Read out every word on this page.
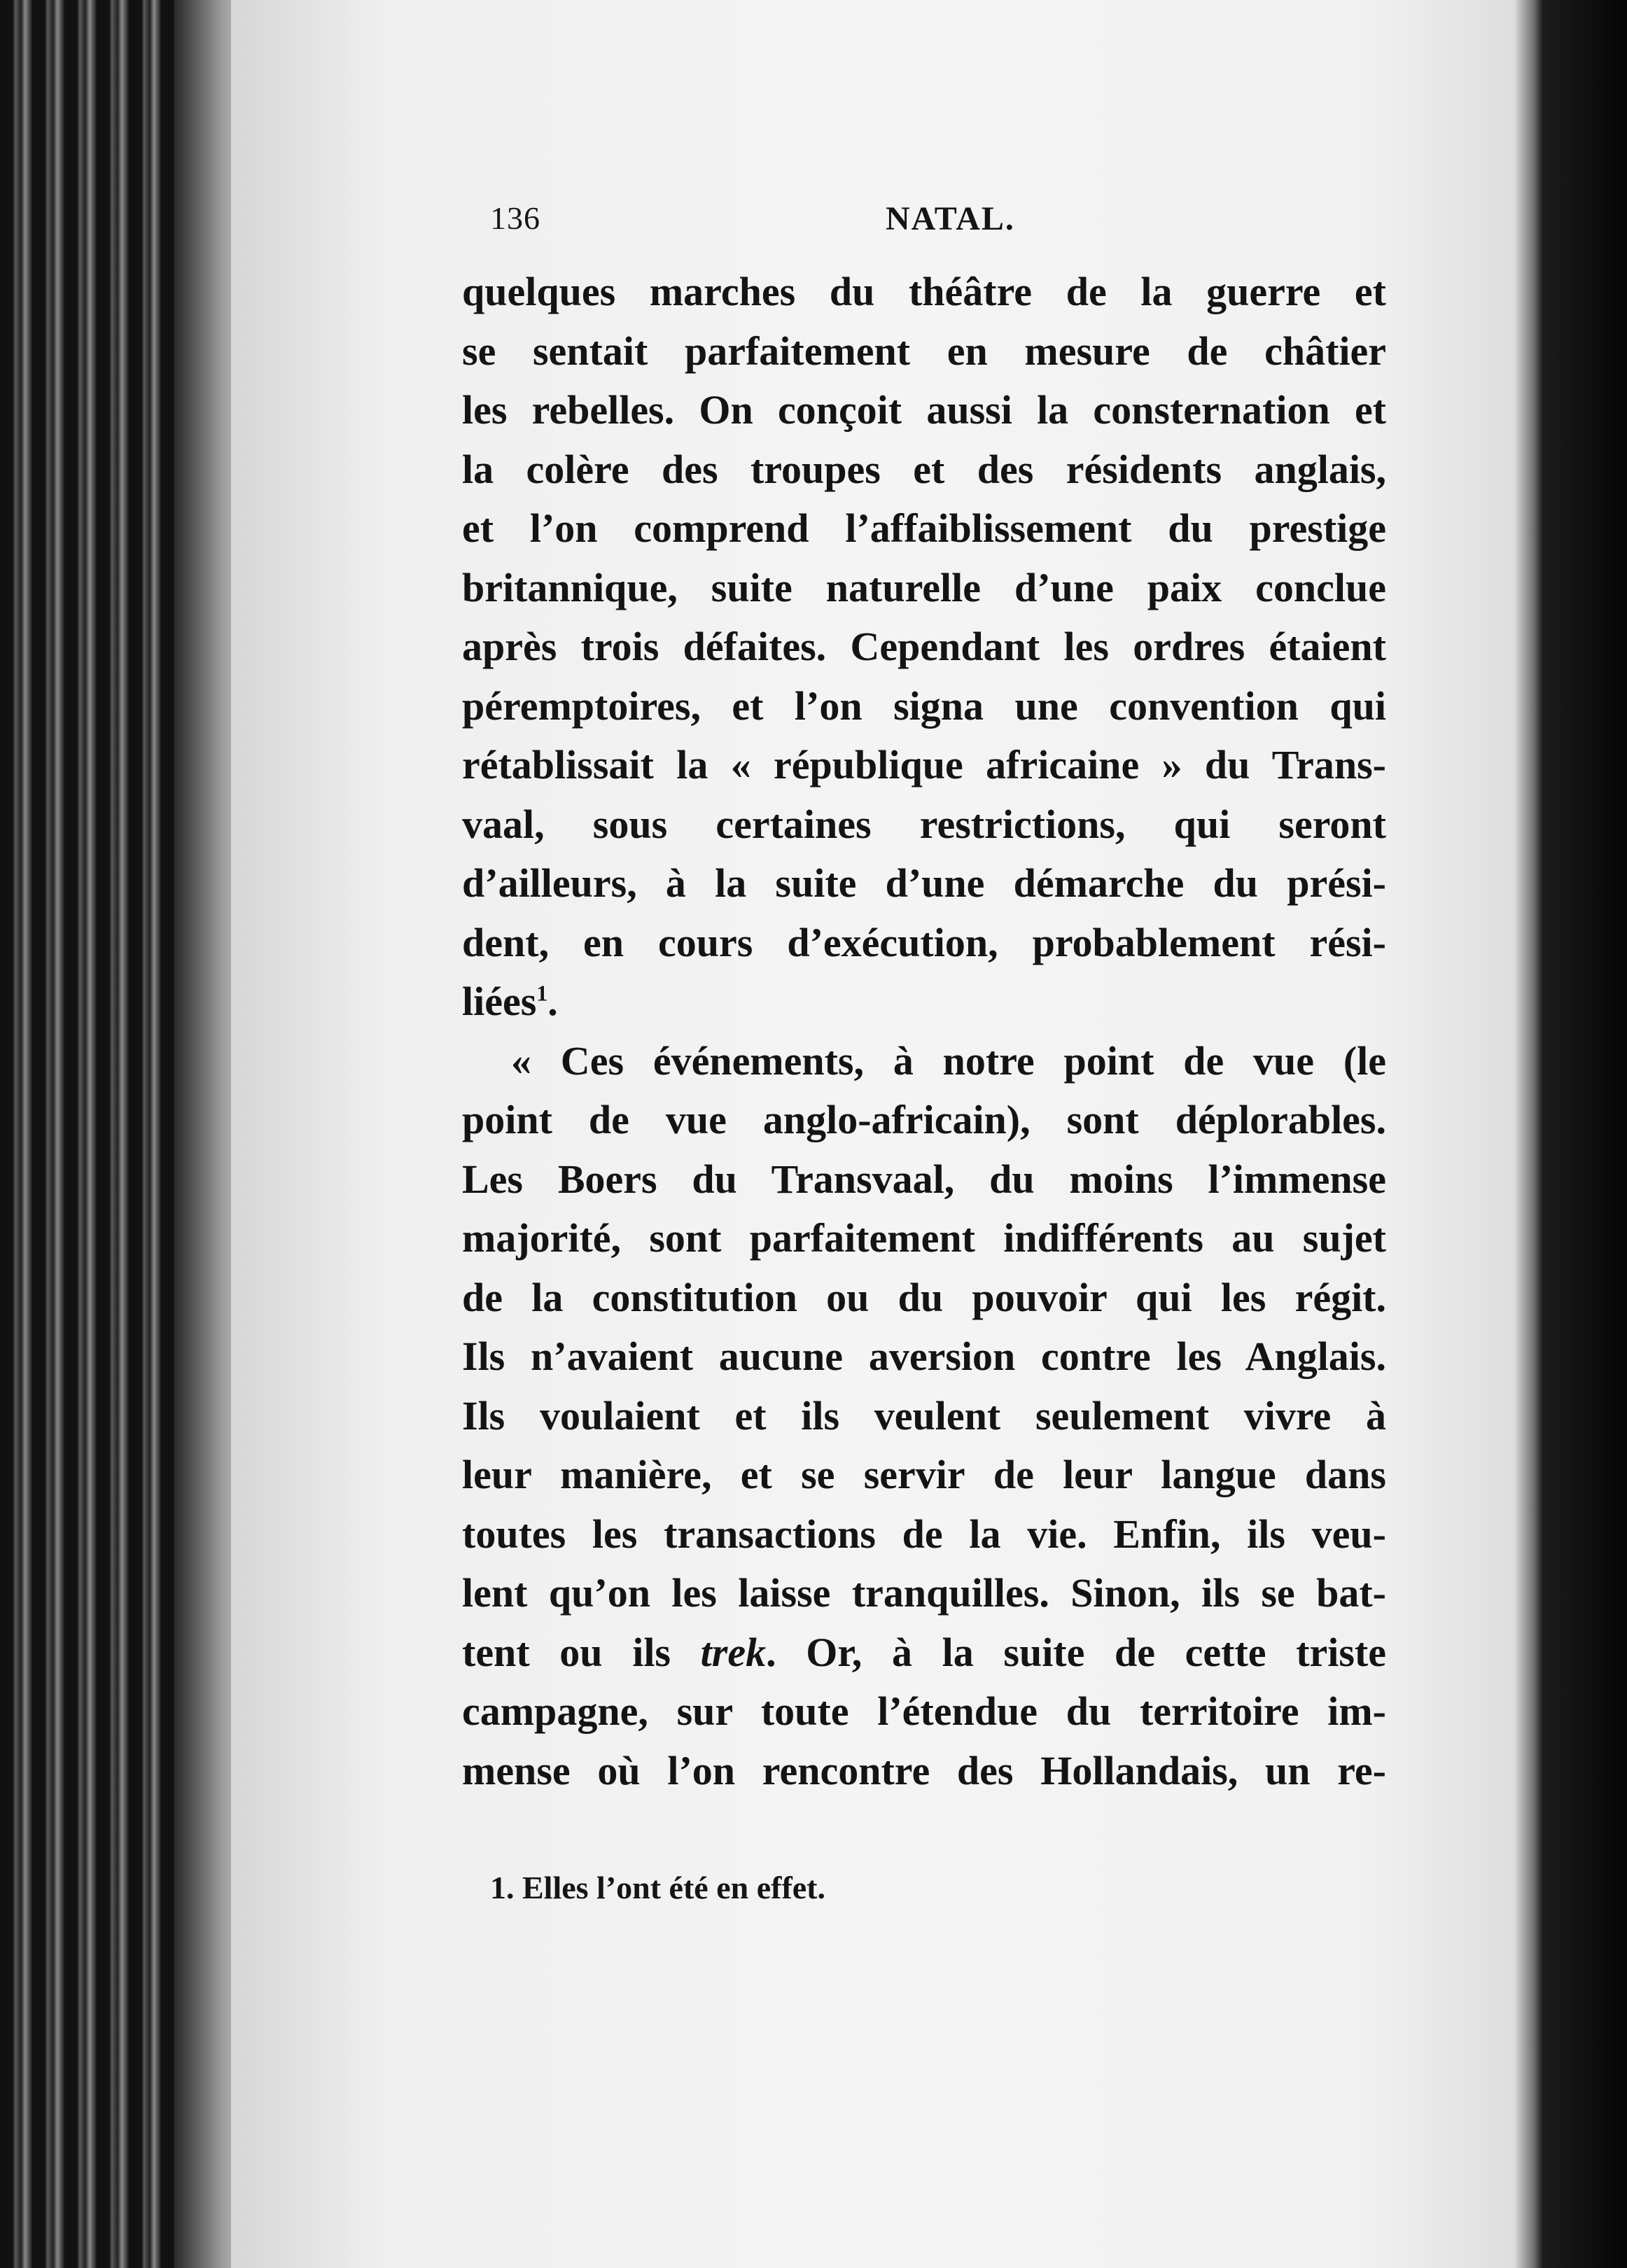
136	NATAL.
quelques marches du théâtre de la guerre et
se sentait parfaitement en mesure de châtier
les rebelles. On conçoit aussi la consternation et
la colère des troupes et des résidents anglais,
et l’on comprend l’affaiblissement du prestige
britannique, suite naturelle d’une paix conclue
après trois défaites. Cependant les ordres étaient
péremptoires, et l’on signa une convention qui
rétablissait la « république africaine » du Trans-
vaal, sous certaines restrictions, qui seront
d’ailleurs, à la suite d’une démarche du prési-
dent, en cours d’exécution, probablement rési-
liées$^1$.
« Ces événements, à notre point de vue (le
point de vue anglo-africain), sont déplorables.
Les Boers du Transvaal, du moins l’immense
majorité, sont parfaitement indifférents au sujet
de la constitution ou du pouvoir qui les régit.
Ils n’avaient aucune aversion contre les Anglais.
Ils voulaient et ils veulent seulement vivre à
leur manière, et se servir de leur langue dans
toutes les transactions de la vie. Enfin, ils veu-
lent qu’on les laisse tranquilles. Sinon, ils se bat-
tent ou ils trek. Or, à la suite de cette triste
campagne, sur toute l’étendue du territoire im-
mense où l’on rencontre des Hollandais, un re-
1. Elles l’ont été en effet.
